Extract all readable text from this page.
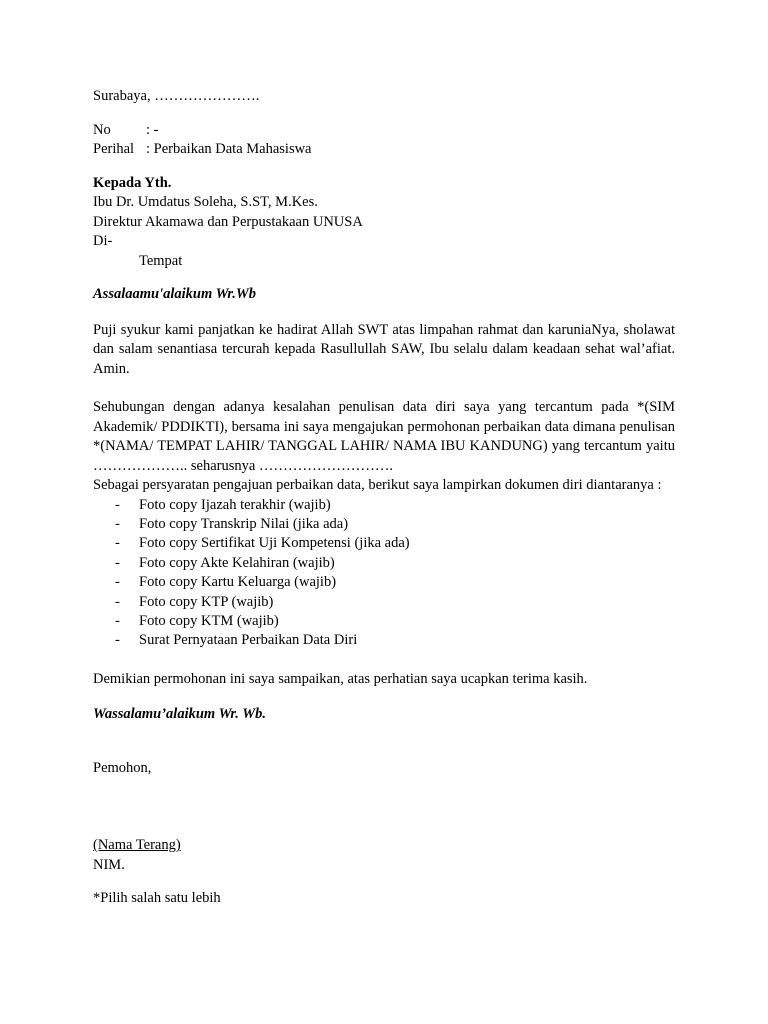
Surabaya, ………………….
No	: -
Perihal : Perbaikan Data Mahasiswa
Kepada Yth.
Ibu Dr. Umdatus Soleha, S.ST, M.Kes.
Direktur Akamawa dan Perpustakaan UNUSA
Di-
Tempat
Assalaamu'alaikum Wr.Wb
Puji syukur kami panjatkan ke hadirat Allah SWT atas limpahan rahmat dan karuniaNya, sholawat dan salam senantiasa tercurah kepada Rasullullah SAW, Ibu selalu dalam keadaan sehat wal’afiat. Amin.
Sehubungan dengan adanya kesalahan penulisan data diri saya yang tercantum pada *(SIM Akademik/ PDDIKTI), bersama ini saya mengajukan permohonan perbaikan data dimana penulisan *(NAMA/ TEMPAT LAHIR/ TANGGAL LAHIR/ NAMA IBU KANDUNG) yang tercantum yaitu ……………….. seharusnya ……………………….
Sebagai persyaratan pengajuan perbaikan data, berikut saya lampirkan dokumen diri diantaranya :
-	Foto copy Ijazah terakhir (wajib)
-	Foto copy Transkrip Nilai (jika ada)
-	Foto copy Sertifikat Uji Kompetensi (jika ada)
-	Foto copy Akte Kelahiran (wajib)
-	Foto copy Kartu Keluarga (wajib)
-	Foto copy KTP (wajib)
-	Foto copy KTM (wajib)
-	Surat Pernyataan Perbaikan Data Diri
Demikian permohonan ini saya sampaikan, atas perhatian saya ucapkan terima kasih.
Wassalamu’alaikum Wr. Wb.
Pemohon,
(Nama Terang)
NIM.
*Pilih salah satu lebih
